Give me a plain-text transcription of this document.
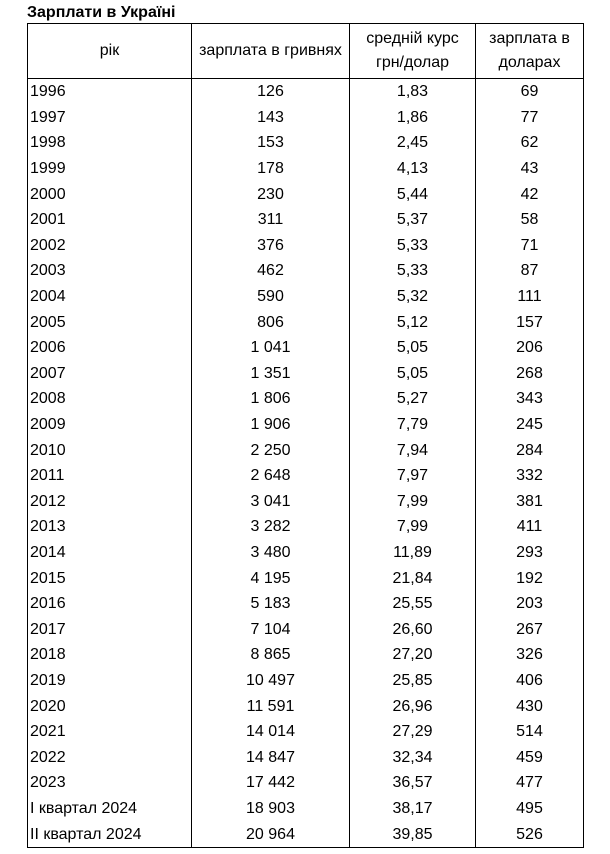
Зарплати в Україні
рік	зарплата в гривнях	средній курс грн/долар	зарплата в доларах
1996	126	1,83	69
1997	143	1,86	77
1998	153	2,45	62
1999	178	4,13	43
2000	230	5,44	42
2001	311	5,37	58
2002	376	5,33	71
2003	462	5,33	87
2004	590	5,32	111
2005	806	5,12	157
2006	1 041	5,05	206
2007	1 351	5,05	268
2008	1 806	5,27	343
2009	1 906	7,79	245
2010	2 250	7,94	284
2011	2 648	7,97	332
2012	3 041	7,99	381
2013	3 282	7,99	411
2014	3 480	11,89	293
2015	4 195	21,84	192
2016	5 183	25,55	203
2017	7 104	26,60	267
2018	8 865	27,20	326
2019	10 497	25,85	406
2020	11 591	26,96	430
2021	14 014	27,29	514
2022	14 847	32,34	459
2023	17 442	36,57	477
I квартал 2024	18 903	38,17	495
II квартал 2024	20 964	39,85	526
